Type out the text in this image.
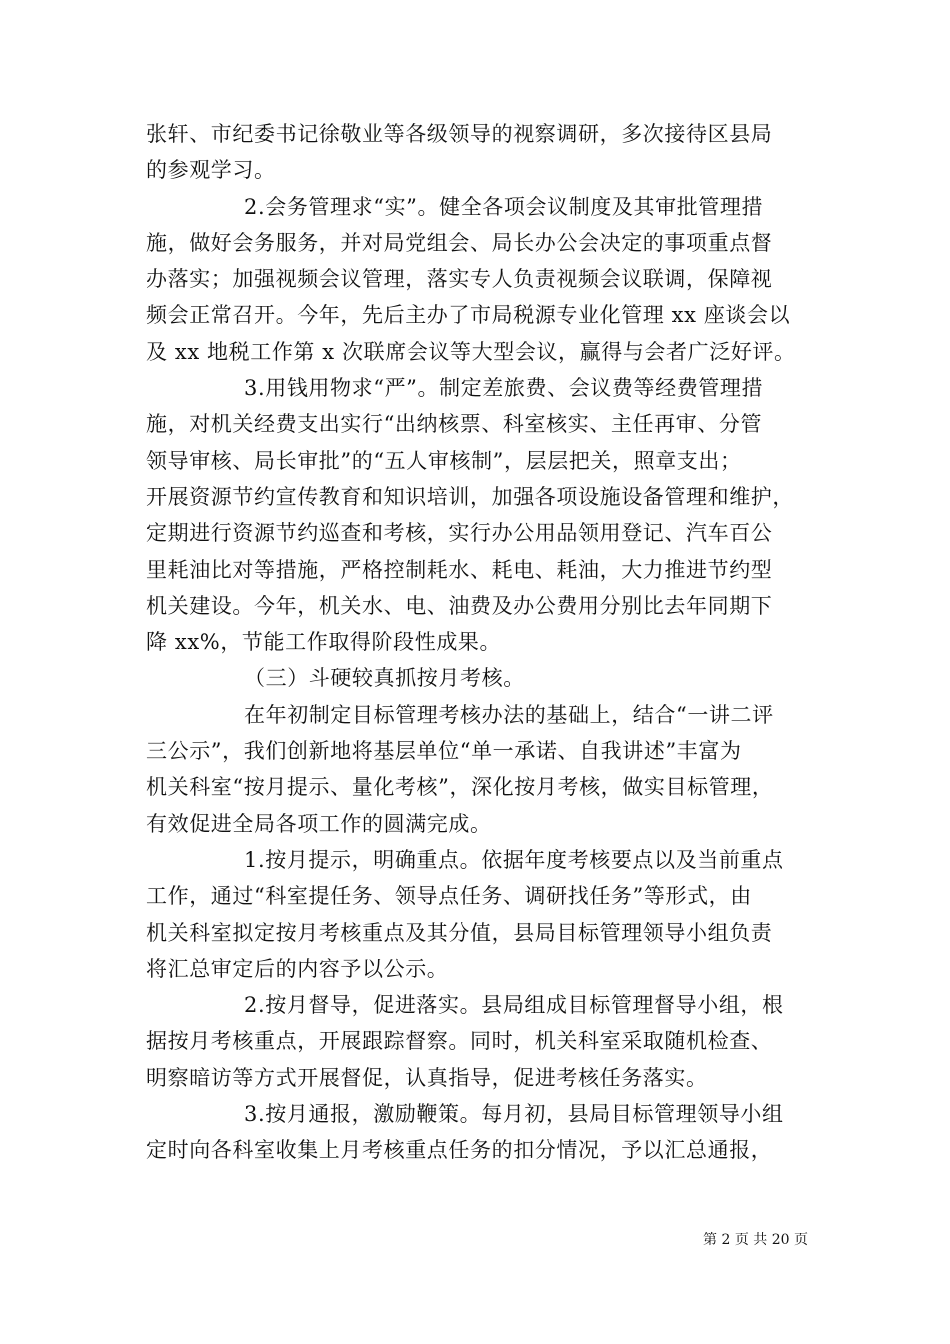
张轩、市纪委书记徐敬业等各级领导的视察调研，多次接待区县局
的参观学习。
2.会务管理求“实”。健全各项会议制度及其审批管理措
施，做好会务服务，并对局党组会、局长办公会决定的事项重点督
办落实；加强视频会议管理，落实专人负责视频会议联调，保障视
频会正常召开。今年，先后主办了市局税源专业化管理 xx 座谈会以
及 xx 地税工作第 x 次联席会议等大型会议，赢得与会者广泛好评。
3.用钱用物求“严”。制定差旅费、会议费等经费管理措
施，对机关经费支出实行“出纳核票、科室核实、主任再审、分管
领导审核、局长审批”的“五人审核制”，层层把关，照章支出；
开展资源节约宣传教育和知识培训，加强各项设施设备管理和维护，
定期进行资源节约巡查和考核，实行办公用品领用登记、汽车百公
里耗油比对等措施，严格控制耗水、耗电、耗油，大力推进节约型
机关建设。今年，机关水、电、油费及办公费用分别比去年同期下
降 xx%，节能工作取得阶段性成果。
（三）斗硬较真抓按月考核。
在年初制定目标管理考核办法的基础上，结合“一讲二评
三公示”，我们创新地将基层单位“单一承诺、自我讲述”丰富为
机关科室“按月提示、量化考核”，深化按月考核，做实目标管理，
有效促进全局各项工作的圆满完成。
1.按月提示，明确重点。依据年度考核要点以及当前重点
工作，通过“科室提任务、领导点任务、调研找任务”等形式，由
机关科室拟定按月考核重点及其分值，县局目标管理领导小组负责
将汇总审定后的内容予以公示。
2.按月督导，促进落实。县局组成目标管理督导小组，根
据按月考核重点，开展跟踪督察。同时，机关科室采取随机检查、
明察暗访等方式开展督促，认真指导，促进考核任务落实。
3.按月通报，激励鞭策。每月初，县局目标管理领导小组
定时向各科室收集上月考核重点任务的扣分情况，予以汇总通报，
第 2 页 共 20 页
